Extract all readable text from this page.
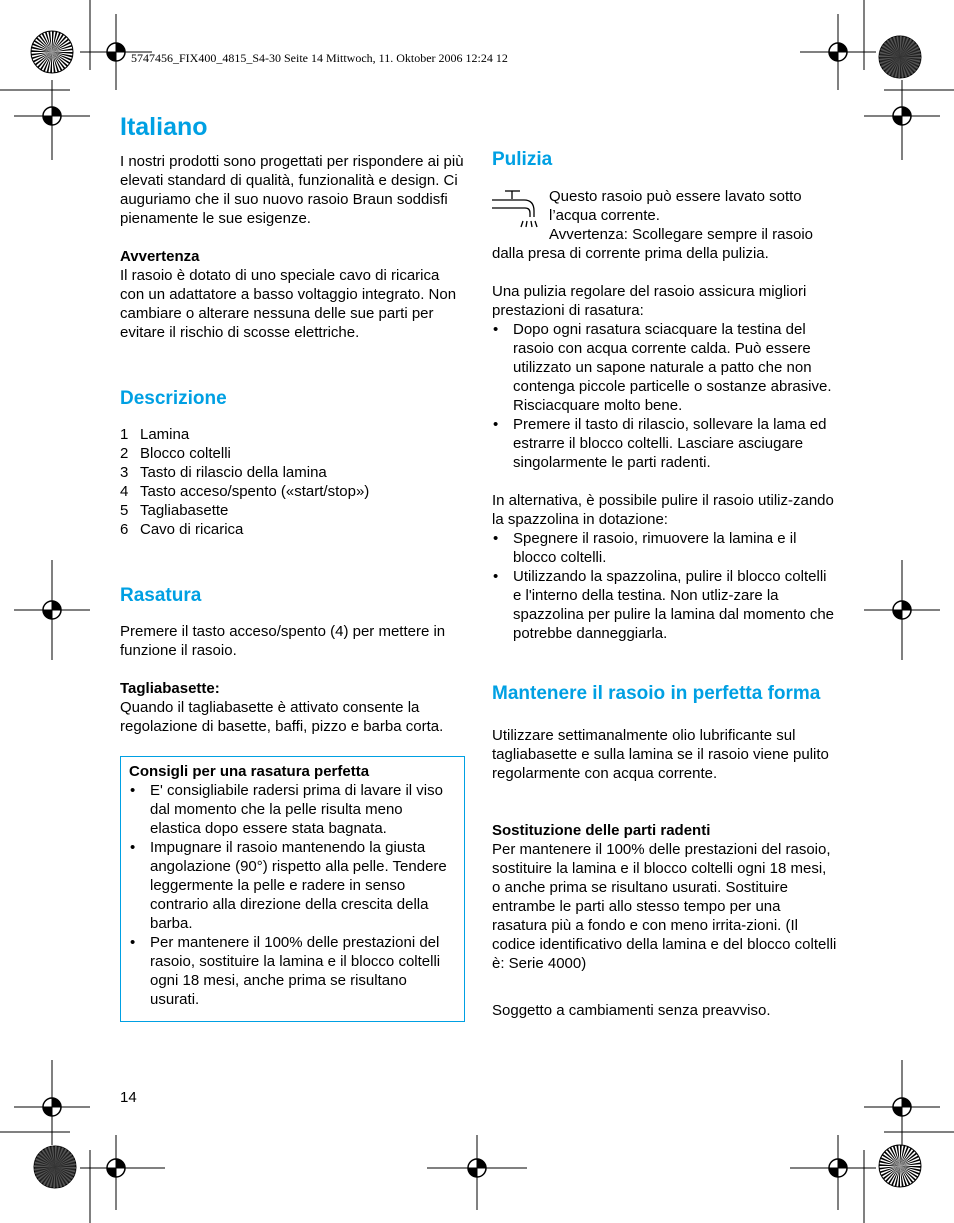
5747456_FIX400_4815_S4-30 Seite 14 Mittwoch, 11. Oktober 2006 12:24 12
Italiano

I nostri prodotti sono progettati per rispondere ai più elevati standard di qualità, funzionalità e design. Ci auguriamo che il suo nuovo rasoio Braun soddisfi pienamente le sue esigenze.

Avvertenza

Il rasoio è dotato di uno speciale cavo di ricarica con un adattatore a basso voltaggio integrato. Non cambiare o alterare nessuna delle sue parti per evitare il rischio di scosse elettriche.

Descrizione
1 Lamina
2 Blocco coltelli
3 Tasto di rilascio della lamina
4 Tasto acceso/spento («start/stop»)
5 Tagliabasette
6 Cavo di ricarica
Rasatura

Premere il tasto acceso/spento (4) per mettere in funzione il rasoio.

Tagliabasette:

Quando il tagliabasette è attivato consente la regolazione di basette, baffi, pizzo e barba corta.

Consigli per una rasatura perfetta

• E' consigliabile radersi prima di lavare il viso dal momento che la pelle risulta meno elastica dopo essere stata bagnata.
• Impugnare il rasoio mantenendo la giusta angolazione (90°) rispetto alla pelle. Tendere leggermente la pelle e radere in senso contrario alla direzione della crescita della barba.
• Per mantenere il 100% delle prestazioni del rasoio, sostituire la lamina e il blocco coltelli ogni 18 mesi, anche prima se risultano usurati.
14
Pulizia

Questo rasoio può essere lavato sotto l’acqua corrente.

Avvertenza: Scollegare sempre il rasoio dalla presa di corrente prima della pulizia.

Una pulizia regolare del rasoio assicura migliori prestazioni di rasatura:

• Dopo ogni rasatura sciacquare la testina del rasoio con acqua corrente calda. Può essere utilizzato un sapone naturale a patto che non contenga piccole particelle o sostanze abrasive. Risciacquare molto bene.
• Premere il tasto di rilascio, sollevare la lama ed estrarre il blocco coltelli. Lasciare asciugare singolarmente le parti radenti.

In alternativa, è possibile pulire il rasoio utiliz-zando la spazzolina in dotazione:

• Spegnere il rasoio, rimuovere la lamina e il blocco coltelli.
• Utilizzando la spazzolina, pulire il blocco coltelli e l'interno della testina. Non utliz-zare la spazzolina per pulire la lamina dal momento che potrebbe danneggiarla.
Mantenere il rasoio in perfetta forma

Utilizzare settimanalmente olio lubrificante sul tagliabasette e sulla lamina se il rasoio viene pulito regolarmente con acqua corrente.

Sostituzione delle parti radenti

Per mantenere il 100% delle prestazioni del rasoio, sostituire la lamina e il blocco coltelli ogni 18 mesi, o anche prima se risultano usurati. Sostituire entrambe le parti allo stesso tempo per una rasatura più a fondo e con meno irrita-zioni. (Il codice identificativo della lamina e del blocco coltelli è: Serie 4000)

Soggetto a cambiamenti senza preavviso.
